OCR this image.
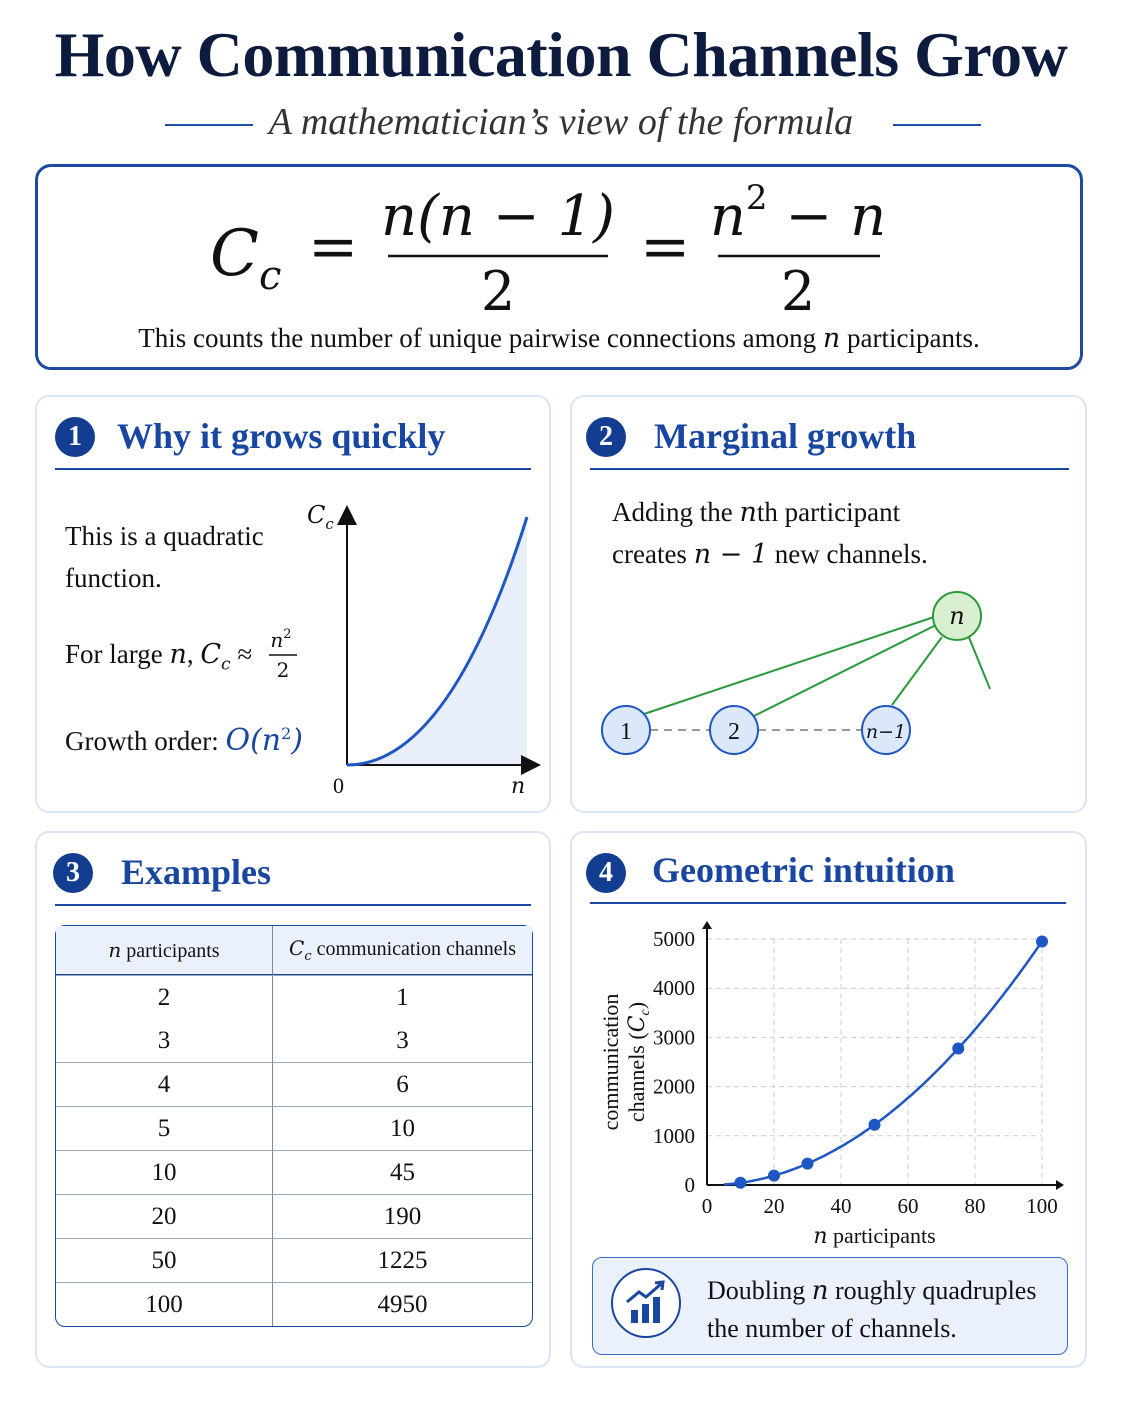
How Communication Channels Grow
A mathematician’s view of the formula
$C_c = n(n - 1)$
2
= $n^2 - n$
2
This counts the number of unique pairwise connections among n participants.
1 Why it grows quickly
This is a quadratic
function.
For large n, $C_c \approx n^2$
2
Growth order: $O(n^2)$
$C_c$
0	n
2	Marginal growth
Adding the nth participant
creates n − 1 new channels.
1	2	n−1
n
3	Examples
n participants	$C_c$ communication channels
2	1
3	3
4	6
5	10
10	45
20	190
50	1225
100	4950
4	Geometric intuition
0
1000
2000
3000
4000
5000
0 20 40 60 80 100
n participants
communicationchannels $(C_c)$
Doubling n roughly quadruples
the number of channels.
